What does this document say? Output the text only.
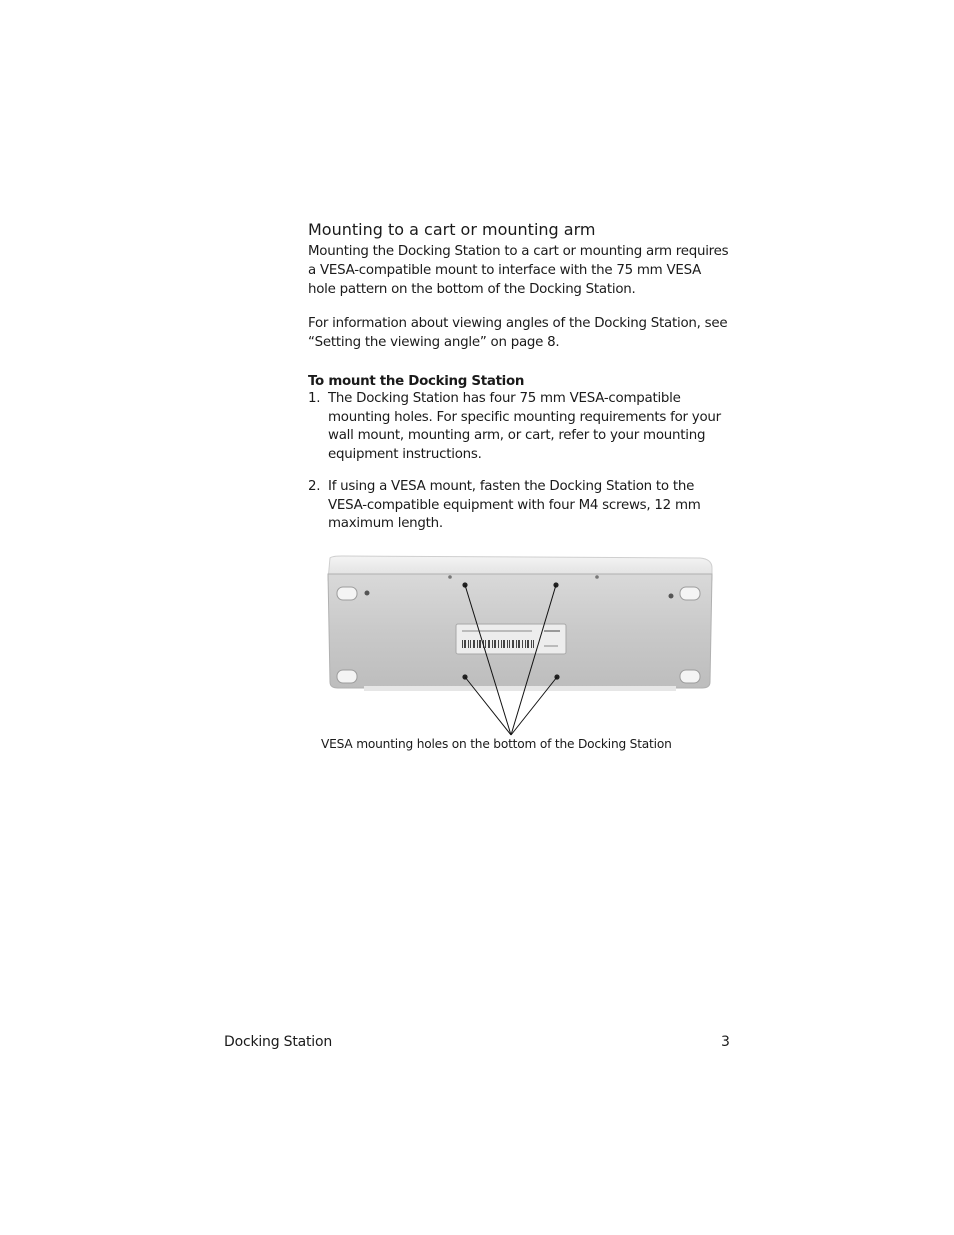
Mounting to a cart or mounting arm

Mounting the Docking Station to a cart or mounting arm requires a VESA-compatible mount to interface with the 75 mm VESA hole pattern on the bottom of the Docking Station.

For information about viewing angles of the Docking Station, see “Setting the viewing angle” on page 8.

To mount the Docking Station
1. The Docking Station has four 75 mm VESA-compatible mounting holes. For specific mounting requirements for your wall mount, mounting arm, or cart, refer to your mounting equipment instructions.
2. If using a VESA mount, fasten the Docking Station to the VESA-compatible equipment with four M4 screws, 12 mm maximum length.
VESA mounting holes on the bottom of the Docking Station
Docking Station	3
